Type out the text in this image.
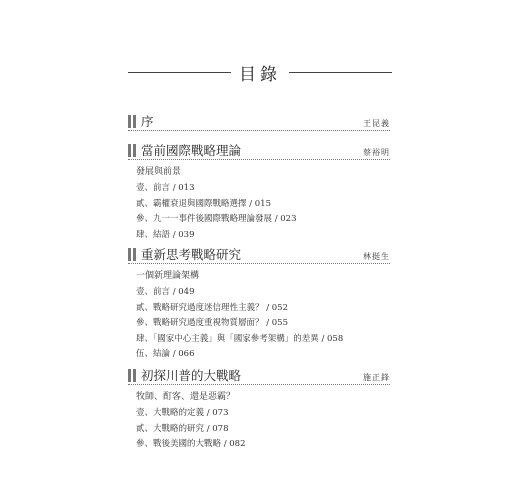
目錄
序	王昆義
當前國際戰略理論	蔡裕明
發展與前景
壹、前言 / 013
貳、霸權衰退與國際戰略選擇 / 015
參、九一一事件後國際戰略理論發展 / 023
肆、結語 / 039
重新思考戰略研究	林挺生
一個新理論架構
壹、前言 / 049
貳、戰略研究過度迷信理性主義？ / 052
參、戰略研究過度重視物質層面？ / 055
肆、「國家中心主義」與「國家參考架構」的差異 / 058
伍、結論 / 066
初探川普的大戰略	施正鋒
牧師、酊客、還是惡霸？
壹、大戰略的定義 / 073
貳、大戰略的研究 / 078
參、戰後美國的大戰略 / 082
